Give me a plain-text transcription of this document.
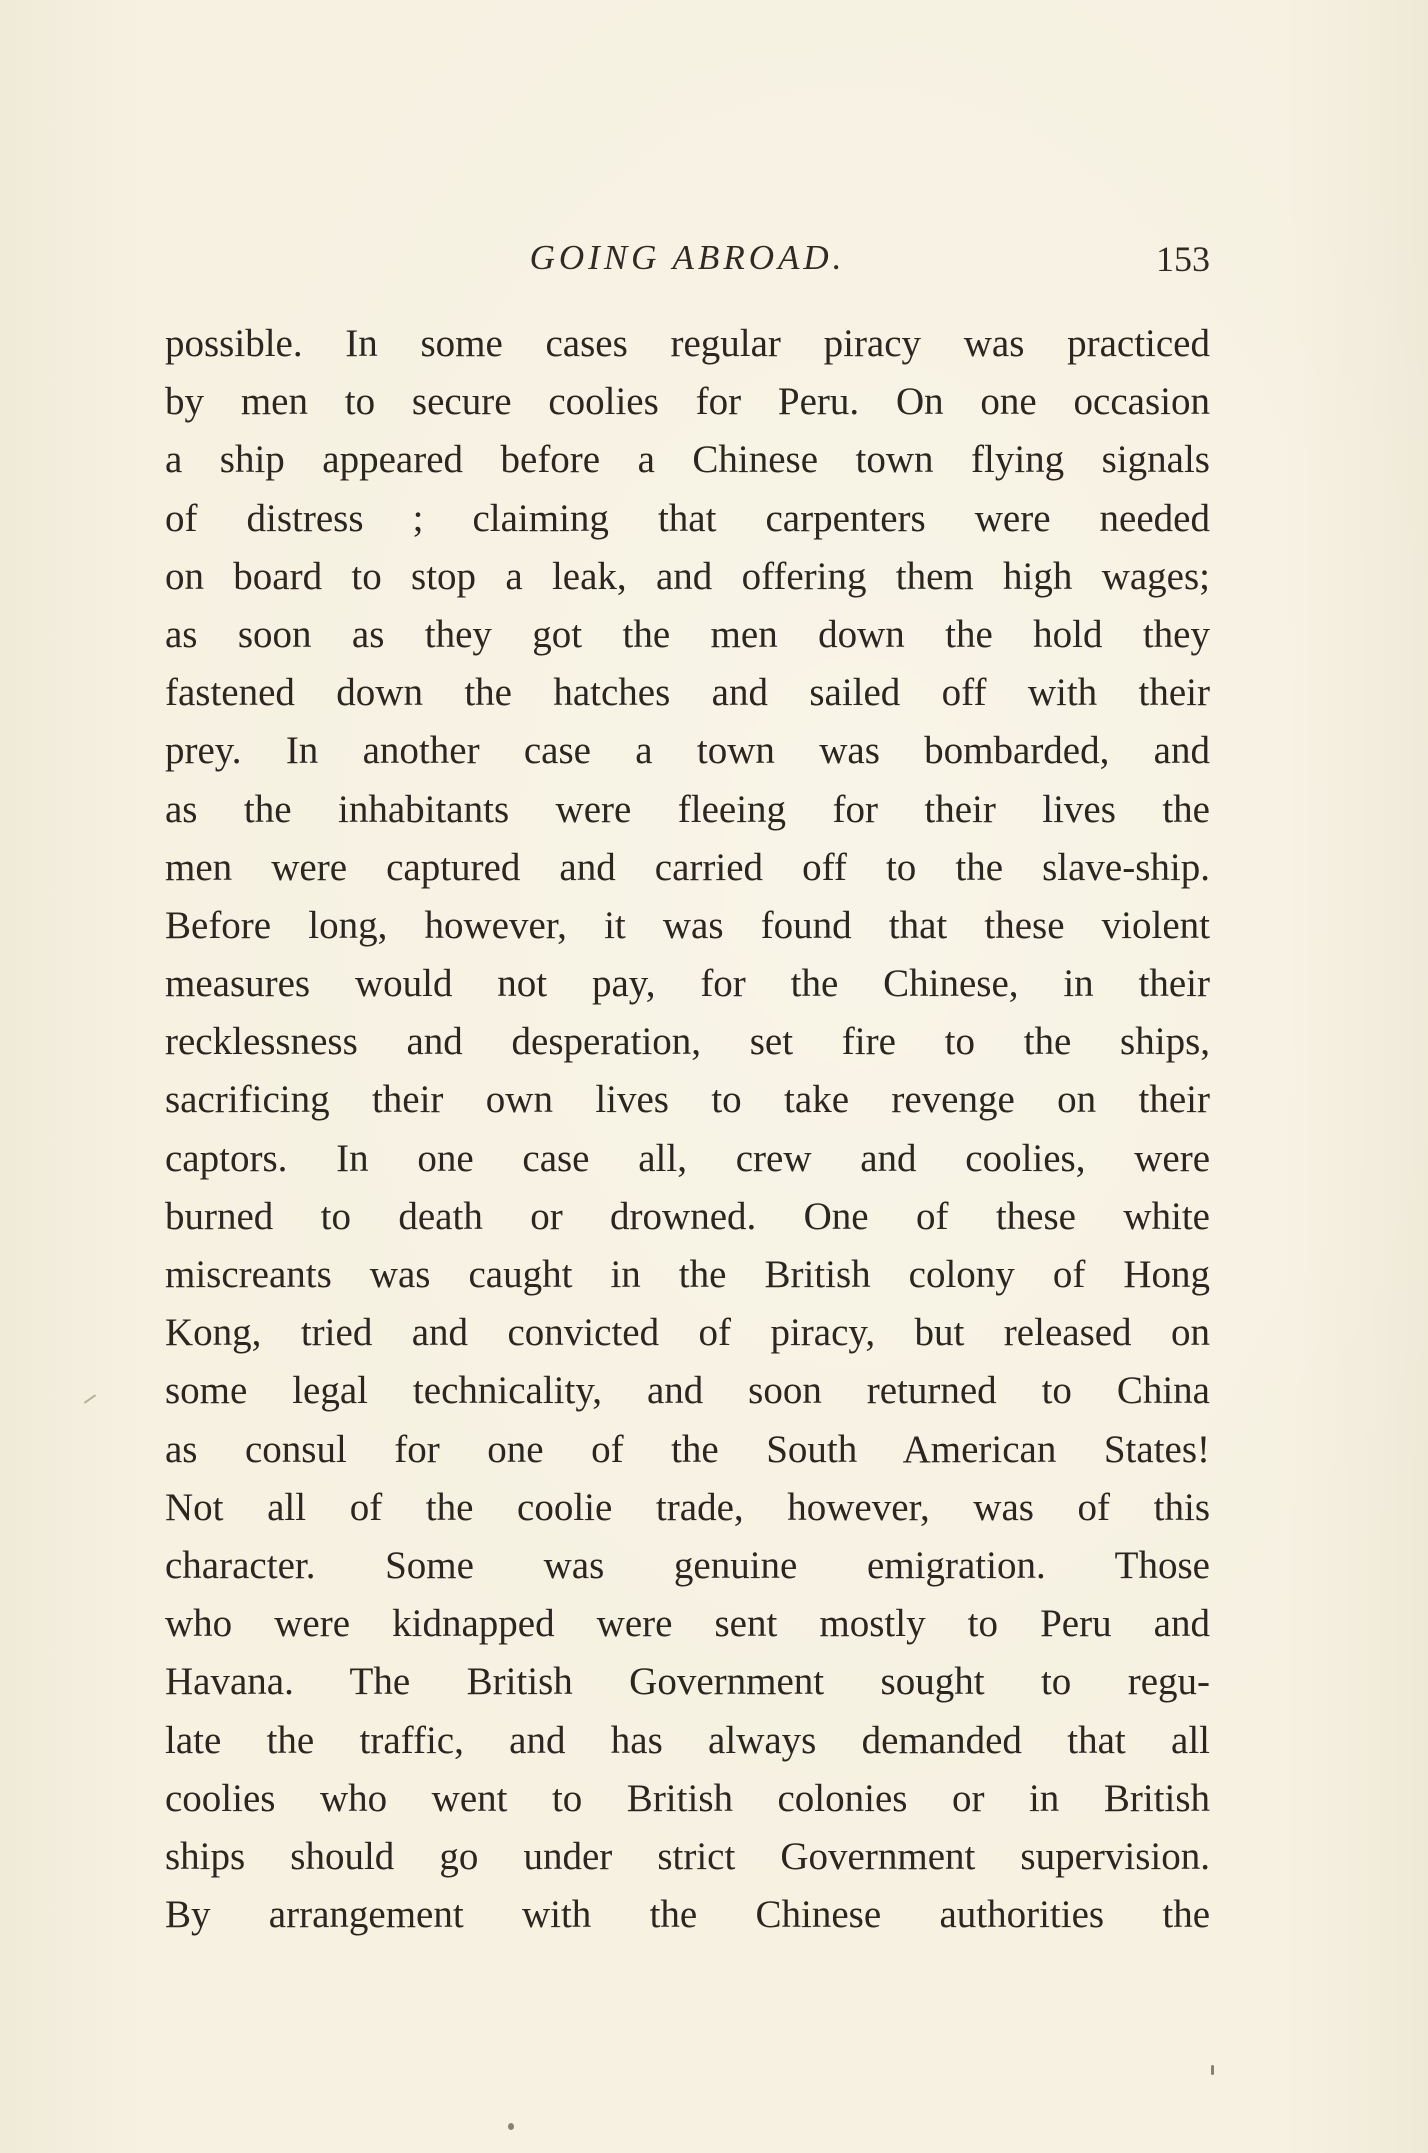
GOING ABROAD.	153
possible. In some cases regular piracy was practiced
by men to secure coolies for Peru. On one occasion
a ship appeared before a Chinese town flying signals
of distress ; claiming that carpenters were needed
on board to stop a leak, and offering them high wages;
as soon as they got the men down the hold they
fastened down the hatches and sailed off with their
prey. In another case a town was bombarded, and
as the inhabitants were fleeing for their lives the
men were captured and carried off to the slave-ship.
Before long, however, it was found that these violent
measures would not pay, for the Chinese, in their
recklessness and desperation, set fire to the ships,
sacrificing their own lives to take revenge on their
captors. In one case all, crew and coolies, were
burned to death or drowned. One of these white
miscreants was caught in the British colony of Hong
Kong, tried and convicted of piracy, but released on
some legal technicality, and soon returned to China
as consul for one of the South American States!
Not all of the coolie trade, however, was of this
character. Some was genuine emigration. Those
who were kidnapped were sent mostly to Peru and
Havana. The British Government sought to regu-
late the traffic, and has always demanded that all
coolies who went to British colonies or in British
ships should go under strict Government supervision.
By arrangement with the Chinese authorities the
